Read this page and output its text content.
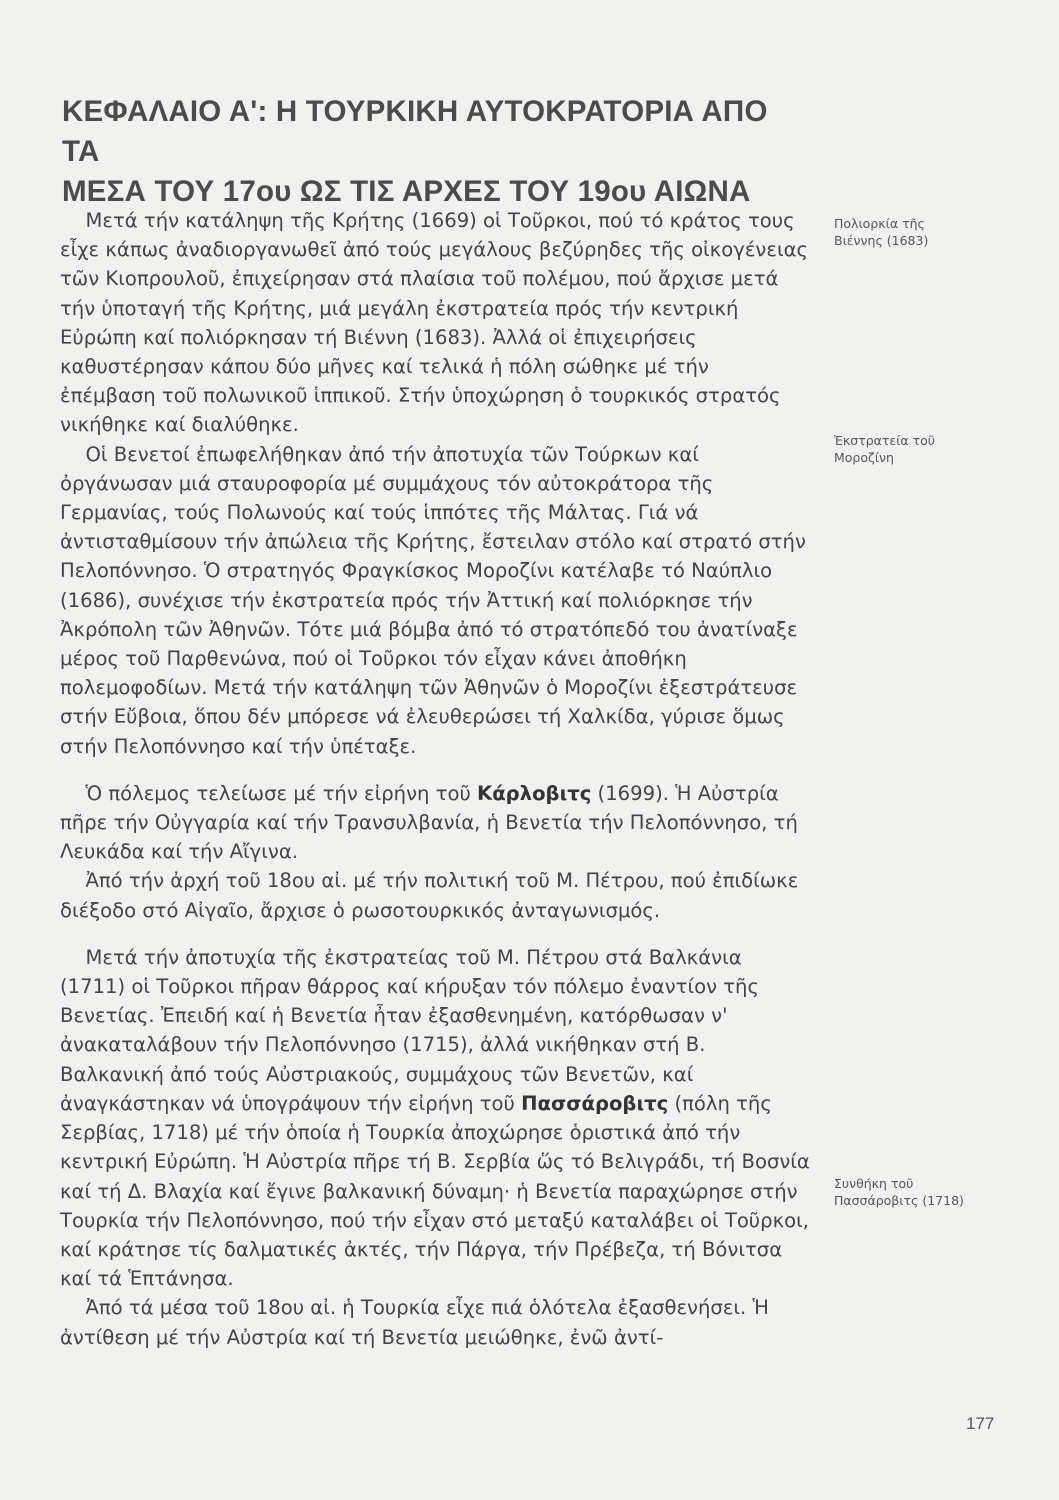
ΚΕΦΑΛΑΙΟ Α': Η ΤΟΥΡΚΙΚΗ ΑΥΤΟΚΡΑΤΟΡΙΑ ΑΠΟ ΤΑ
ΜΕΣΑ ΤΟΥ 17ου ΩΣ ΤΙΣ ΑΡΧΕΣ ΤΟΥ 19ου ΑΙΩΝΑ

Μετά τήν κατάληψη τῆς Κρήτης (1669) οἱ Τοῦρκοι, πού τό κράτος τους εἶχε κάπως ἀναδιοργανωθεῖ ἀπό τούς μεγάλους βεζύρηδες τῆς οἰκογένειας τῶν Κιοπρουλοῦ, ἐπιχείρησαν στά πλαίσια τοῦ πολέμου, πού ἄρχισε μετά τήν ὑποταγή τῆς Κρήτης, μιά μεγάλη ἐκστρατεία πρός τήν κεντρική Εὐρώπη καί πολιόρκησαν τή Βιέννη (1683). Ἀλλά οἱ ἐπιχειρήσεις καθυστέρησαν κάπου δύο μῆνες καί τελικά ἡ πόλη σώθηκε μέ τήν ἐπέμβαση τοῦ πολωνικοῦ ἱππικοῦ. Στήν ὑποχώρηση ὁ τουρκικός στρατός νικήθηκε καί διαλύθηκε.

Οἱ Βενετοί ἐπωφελήθηκαν ἀπό τήν ἀποτυχία τῶν Τούρκων καί ὀργάνωσαν μιά σταυροφορία μέ συμμάχους τόν αὐτοκράτορα τῆς Γερμανίας, τούς Πολωνούς καί τούς ἱππότες τῆς Μάλτας. Γιά νά ἀντισταθμίσουν τήν ἀπώλεια τῆς Κρήτης, ἔστειλαν στόλο καί στρατό στήν Πελοπόννησο. Ὁ στρατηγός Φραγκίσκος Μοροζίνι κατέλαβε τό Ναύπλιο (1686), συνέχισε τήν ἐκστρατεία πρός τήν Ἀττική καί πολιόρκησε τήν Ἀκρόπολη τῶν Ἀθηνῶν. Τότε μιά βόμβα ἀπό τό στρατόπεδό του ἀνατίναξε μέρος τοῦ Παρθενώνα, πού οἱ Τοῦρκοι τόν εἶχαν κάνει ἀποθήκη πολεμοφοδίων. Μετά τήν κατάληψη τῶν Ἀθηνῶν ὁ Μοροζίνι ἐξεστράτευσε στήν Εὔβοια, ὅπου δέν μπόρεσε νά ἐλευθερώσει τή Χαλκίδα, γύρισε ὅμως στήν Πελοπόννησο καί τήν ὑπέταξε.

Ὁ πόλεμος τελείωσε μέ τήν εἰρήνη τοῦ Κάρλοβιτς (1699). Ἡ Αὐστρία πῆρε τήν Οὐγγαρία καί τήν Τρανσυλβανία, ἡ Βενετία τήν Πελοπόννησο, τή Λευκάδα καί τήν Αἴγινα.

Ἀπό τήν ἀρχή τοῦ 18ου αἰ. μέ τήν πολιτική τοῦ Μ. Πέτρου, πού ἐπιδίωκε διέξοδο στό Αἰγαῖο, ἄρχισε ὁ ρωσοτουρκικός ἀνταγωνισμός.

Μετά τήν ἀποτυχία τῆς ἐκστρατείας τοῦ Μ. Πέτρου στά Βαλκάνια (1711) οἱ Τοῦρκοι πῆραν θάρρος καί κήρυξαν τόν πόλεμο ἐναντίον τῆς Βενετίας. Ἐπειδή καί ἡ Βενετία ἦταν ἐξασθενημένη, κατόρθωσαν ν' ἀνακαταλάβουν τήν Πελοπόννησο (1715), ἀλλά νικήθηκαν στή Β. Βαλκανική ἀπό τούς Αὐστριακούς, συμμάχους τῶν Βενετῶν, καί ἀναγκάστηκαν νά ὑπογράψουν τήν εἰρήνη τοῦ Πασσάροβιτς (πόλη τῆς Σερβίας, 1718) μέ τήν ὁποία ἡ Τουρκία ἀποχώρησε ὁριστικά ἀπό τήν κεντρική Εὐρώπη. Ἡ Αὐστρία πῆρε τή Β. Σερβία ὥς τό Βελιγράδι, τή Βοσνία καί τή Δ. Βλαχία καί ἔγινε βαλκανική δύναμη· ἡ Βενετία παραχώρησε στήν Τουρκία τήν Πελοπόννησο, πού τήν εἶχαν στό μεταξύ καταλάβει οἱ Τοῦρκοι, καί κράτησε τίς δαλματικές ἀκτές, τήν Πάργα, τήν Πρέβεζα, τή Βόνιτσα καί τά Ἑπτάνησα.

Ἀπό τά μέσα τοῦ 18ου αἰ. ἡ Τουρκία εἶχε πιά ὁλότελα ἐξασθενήσει. Ἡ ἀντίθεση μέ τήν Αὐστρία καί τή Βενετία μειώθηκε, ἐνῶ ἀντί-

Πολιορκία τῆς
Βιέννης (1683)
Ἐκστρατεία τοῦ
Μοροζίνη
Συνθήκη τοῦ
Πασσάροβιτς (1718)
177
